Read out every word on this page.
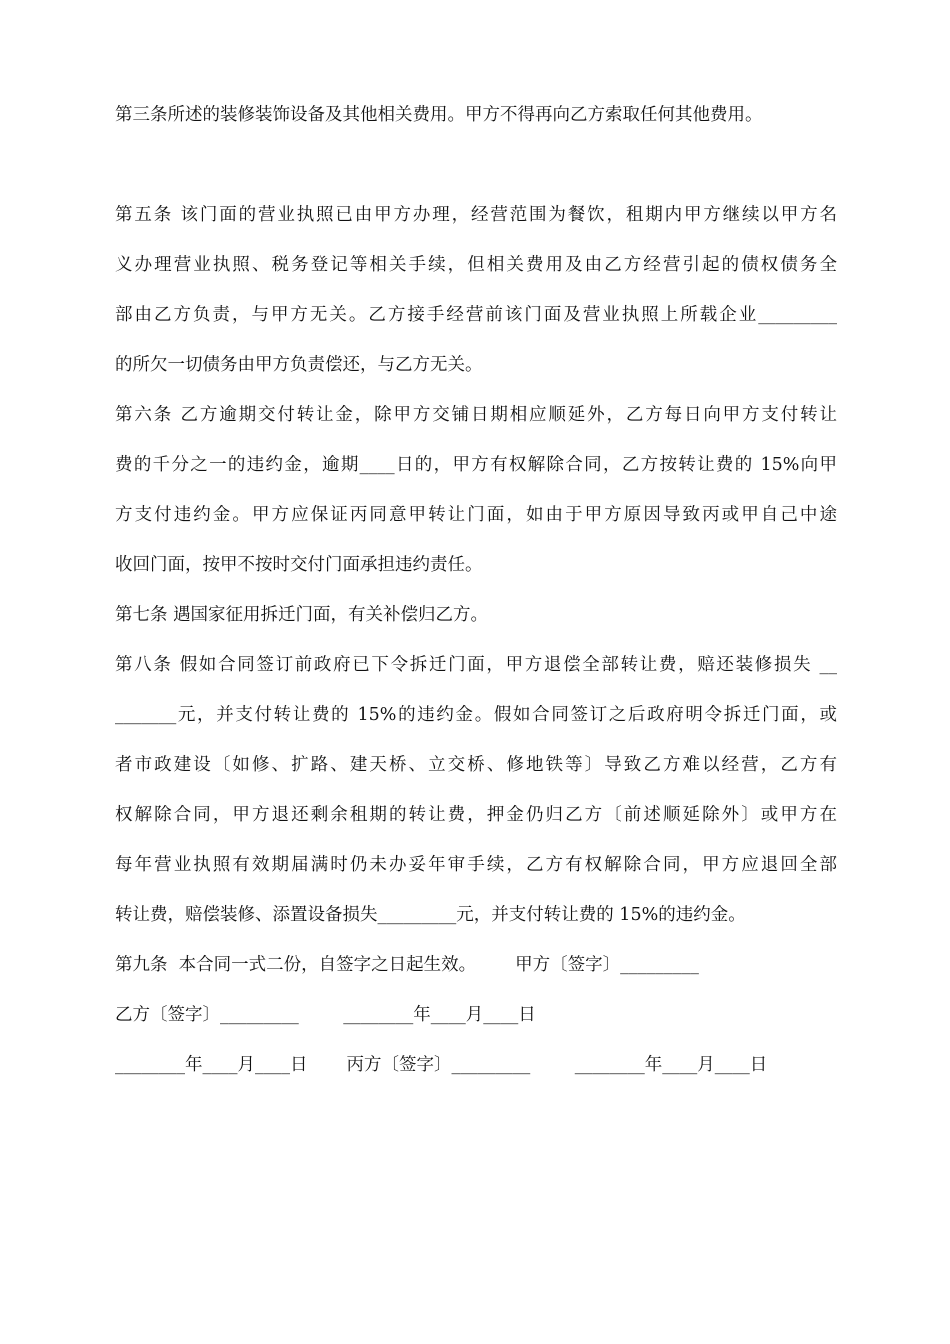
第三条所述的装修装饰设备及其他相关费用。甲方不得再向乙方索取任何其他费用。
第五条 该门面的营业执照已由甲方办理，经营范围为餐饮，租期内甲方继续以甲方名
义办理营业执照、税务登记等相关手续，但相关费用及由乙方经营引起的债权债务全
部由乙方负责，与甲方无关。乙方接手经营前该门面及营业执照上所载企业_________
的所欠一切债务由甲方负责偿还，与乙方无关。
第六条 乙方逾期交付转让金，除甲方交铺日期相应顺延外，乙方每日向甲方支付转让
费的千分之一的违约金，逾期____日的，甲方有权解除合同，乙方按转让费的 15%向甲
方支付违约金。甲方应保证丙同意甲转让门面，如由于甲方原因导致丙或甲自己中途
收回门面，按甲不按时交付门面承担违约责任。
第七条 遇国家征用拆迁门面，有关补偿归乙方。
第八条 假如合同签订前政府已下令拆迁门面，甲方退偿全部转让费，赔还装修损失 __
_______元，并支付转让费的 15%的违约金。假如合同签订之后政府明令拆迁门面，或
者市政建设〔如修、扩路、建天桥、立交桥、修地铁等〕导致乙方难以经营，乙方有
权解除合同，甲方退还剩余租期的转让费，押金仍归乙方〔前述顺延除外〕或甲方在
每年营业执照有效期届满时仍未办妥年审手续，乙方有权解除合同，甲方应退回全部
转让费，赔偿装修、添置设备损失_________元，并支付转让费的 15%的违约金。
第九条  本合同一式二份，自签字之日起生效。       甲方〔签字〕_________
乙方〔签字〕_________        ________年____月____日
________年____月____日       丙方〔签字〕_________        ________年____月____日
